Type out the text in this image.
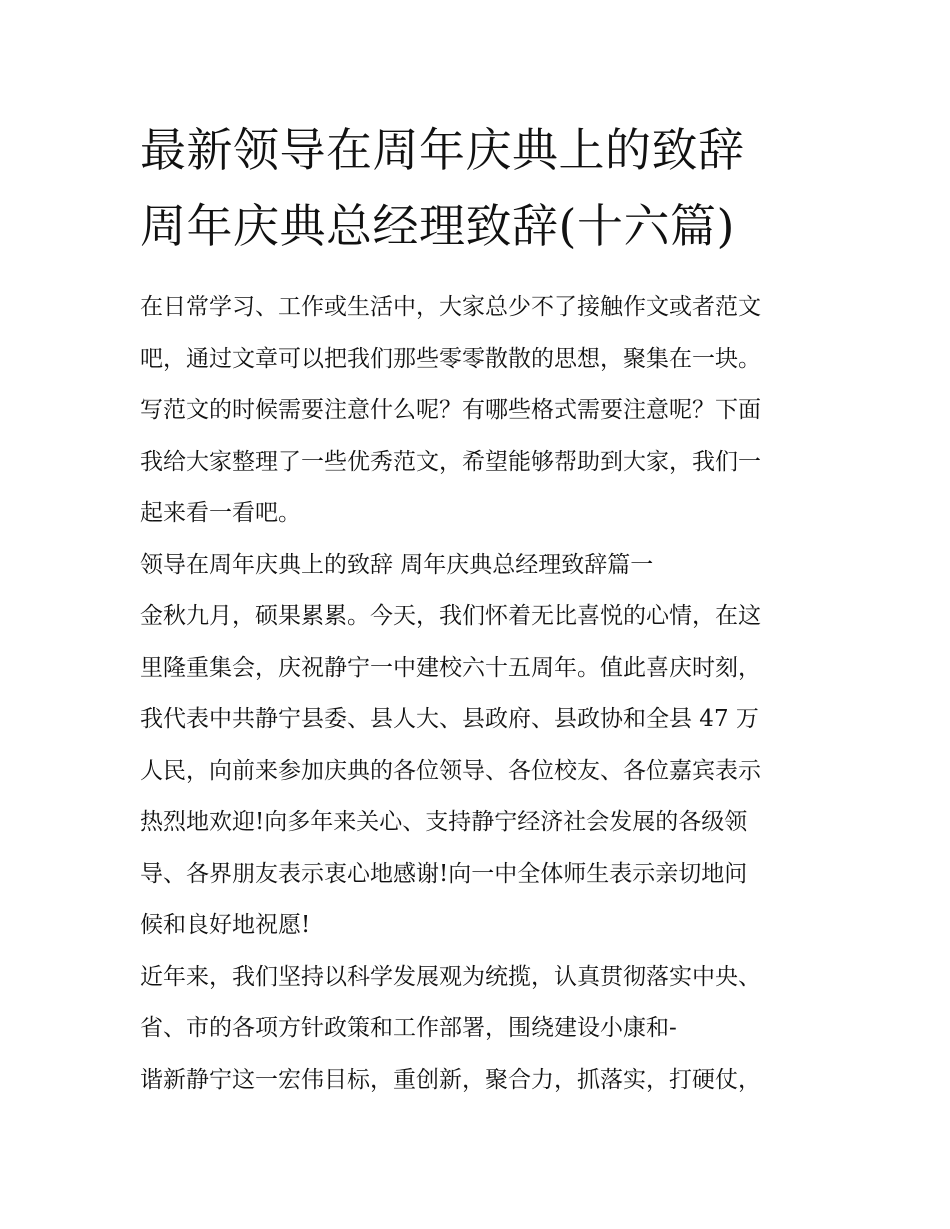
最新领导在周年庆典上的致辞
周年庆典总经理致辞(十六篇)
在日常学习、工作或生活中，大家总少不了接触作文或者范文
吧，通过文章可以把我们那些零零散散的思想，聚集在一块。
写范文的时候需要注意什么呢？有哪些格式需要注意呢？下面
我给大家整理了一些优秀范文，希望能够帮助到大家，我们一
起来看一看吧。
领导在周年庆典上的致辞 周年庆典总经理致辞篇一
金秋九月，硕果累累。今天，我们怀着无比喜悦的心情，在这
里隆重集会，庆祝静宁一中建校六十五周年。值此喜庆时刻，
我代表中共静宁县委、县人大、县政府、县政协和全县 47 万
人民，向前来参加庆典的各位领导、各位校友、各位嘉宾表示
热烈地欢迎!向多年来关心、支持静宁经济社会发展的各级领
导、各界朋友表示衷心地感谢!向一中全体师生表示亲切地问
候和良好地祝愿!
近年来，我们坚持以科学发展观为统揽，认真贯彻落实中央、
省、市的各项方针政策和工作部署，围绕建设小康和-
谐新静宁这一宏伟目标，重创新，聚合力，抓落实，打硬仗，
